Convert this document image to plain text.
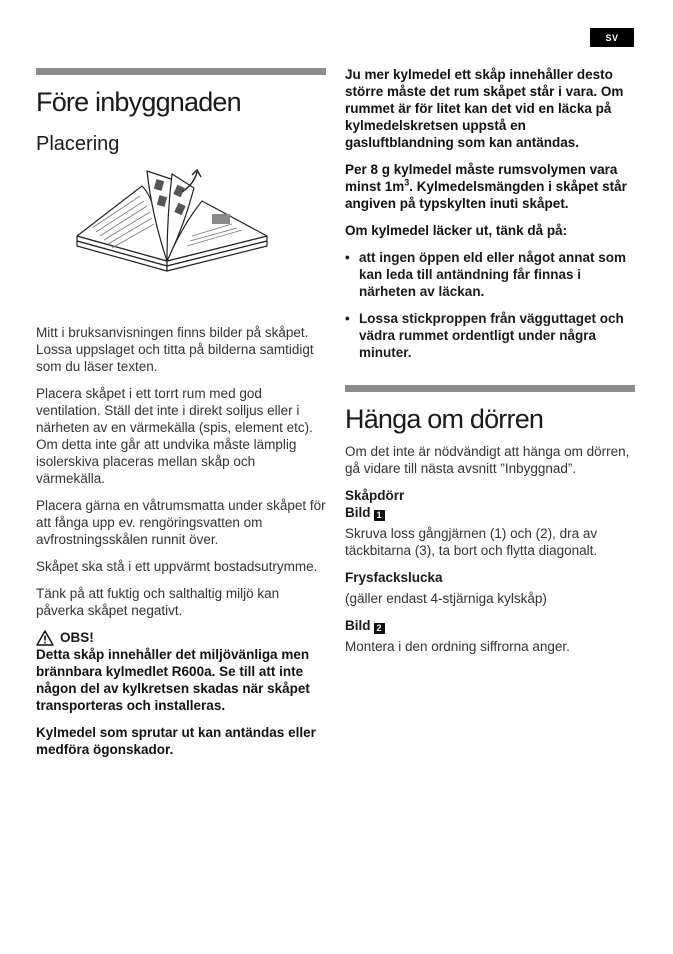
SV
Före inbyggnaden
Placering

Mitt i bruksanvisningen finns bilder på skåpet. Lossa uppslaget och titta på bilderna samtidigt som du läser texten.

Placera skåpet i ett torrt rum med god ventilation. Ställ det inte i direkt solljus eller i närheten av en värmekälla (spis, element etc). Om detta inte går att undvika måste lämplig isolerskiva placeras mellan skåp och värmekälla.

Placera gärna en våtrumsmatta under skåpet för att fånga upp ev. rengöringsvatten om avfrostningsskålen runnit över.

Skåpet ska stå i ett uppvärmt bostadsutrymme.

Tänk på att fuktig och salthaltig miljö kan påverka skåpet negativt.

OBS!

Detta skåp innehåller det miljövänliga men brännbara kylmedlet R600a. Se till att inte någon del av kylkretsen skadas när skåpet transporteras och installeras.

Kylmedel som sprutar ut kan antändas eller medföra ögonskador.

Ju mer kylmedel ett skåp innehåller desto större måste det rum skåpet står i vara. Om rummet är för litet kan det vid en läcka på kylmedelskretsen uppstå en gasluftblandning som kan antändas.

Per 8 g kylmedel måste rumsvolymen vara minst $1m^3$. Kylmedelsmängden i skåpet står angiven på typskylten inuti skåpet.

Om kylmedel läcker ut, tänk då på:

• att ingen öppen eld eller något annat som kan leda till antändning får finnas i närheten av läckan.
• Lossa stickproppen från vägguttaget och vädra rummet ordentligt under några minuter.
Hänga om dörren

Om det inte är nödvändigt att hänga om dörren, gå vidare till nästa avsnitt ”Inbyggnad”.

Skåpdörr

Bild 1

Skruva loss gångjärnen (1) och (2), dra av täckbitarna (3), ta bort och flytta diagonalt.

Frysfackslucka

(gäller endast 4-stjärniga kylskåp)

Bild 2

Montera i den ordning siffrorna anger.
